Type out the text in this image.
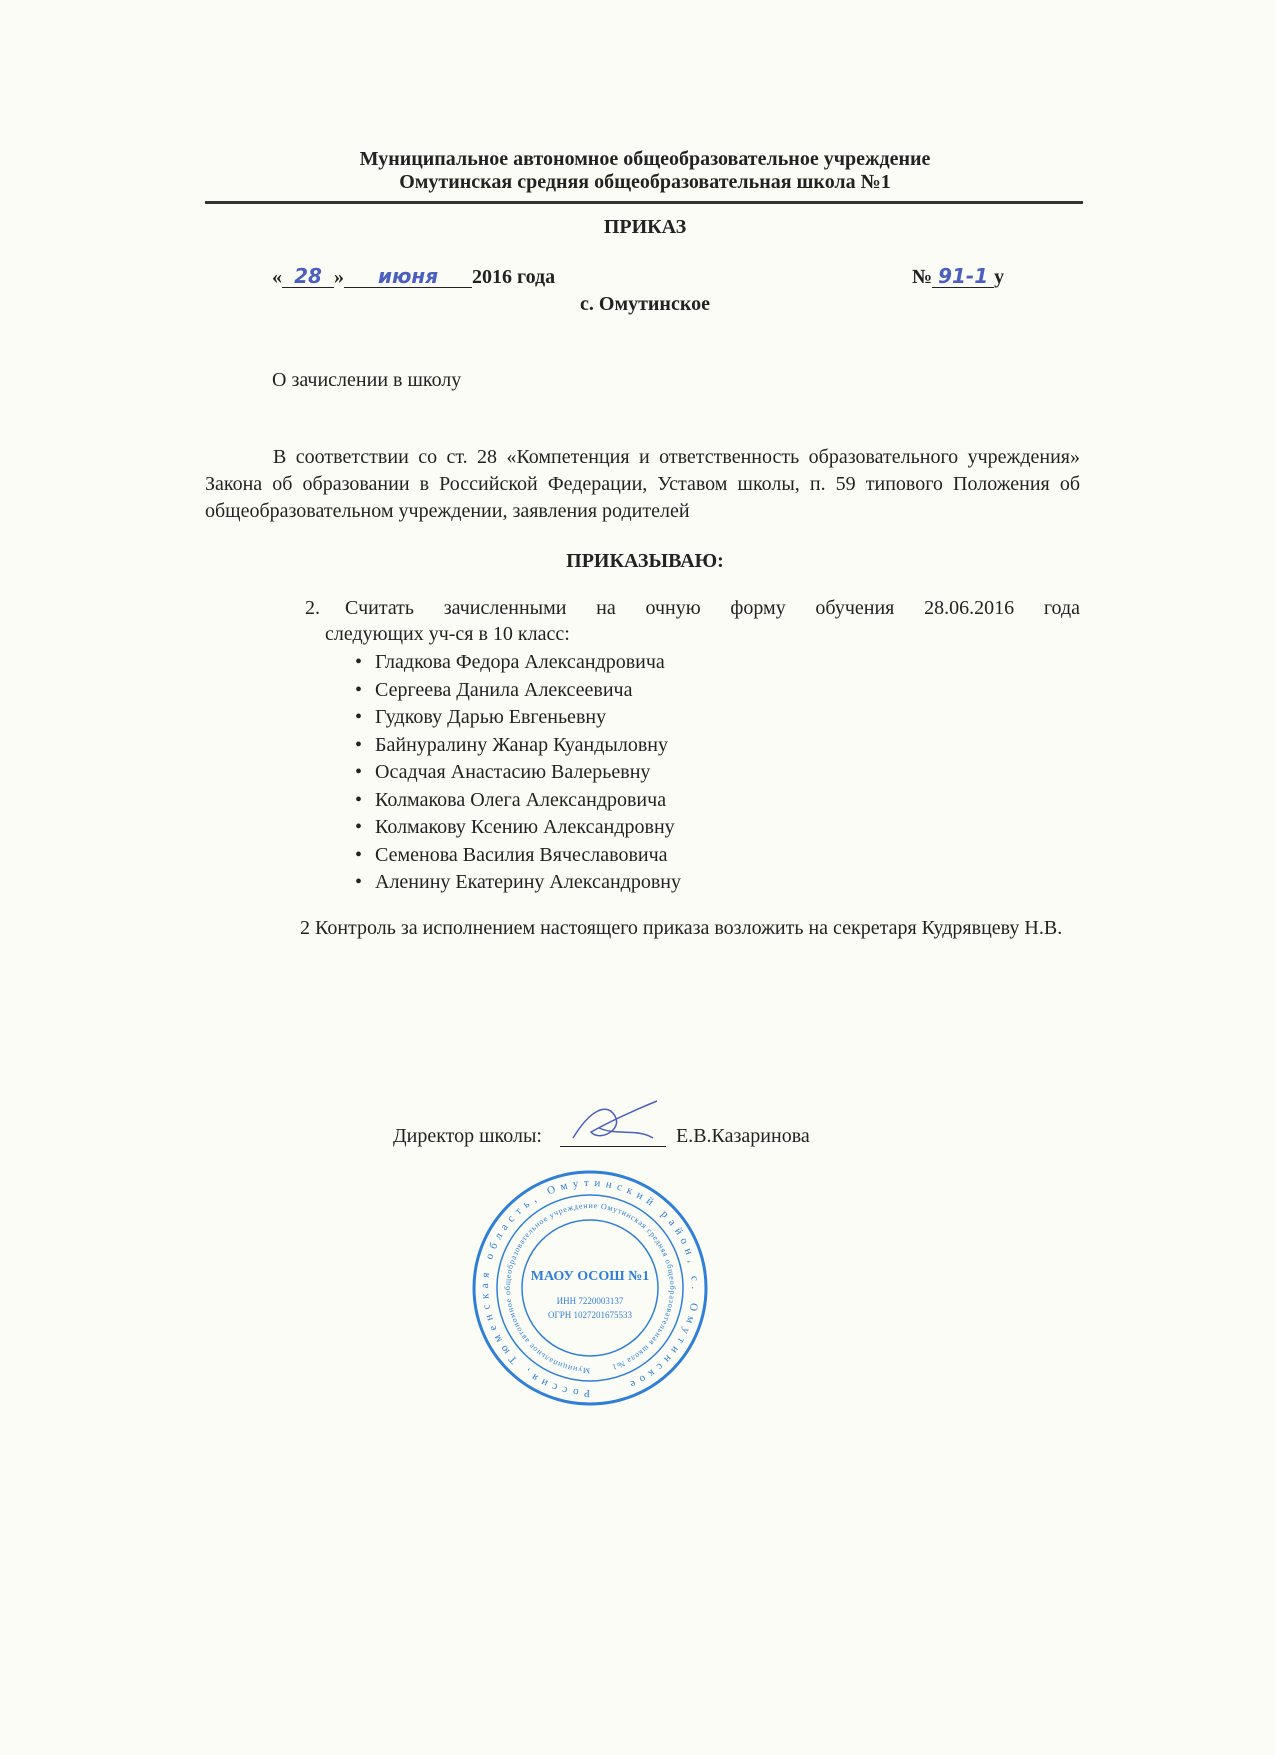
Муниципальное автономное общеобразовательное учреждение
Омутинская средняя общеобразовательная школа №1
ПРИКАЗ
« 28 » июня 2016 года	№ 91-1 у
с. Омутинское
О зачислении в школу
В соответствии со ст. 28 «Компетенция и ответственность образовательного учреждения» Закона об образовании в Российской Федерации, Уставом школы, п. 59 типового Положения об общеобразовательном учреждении, заявления родителей
ПРИКАЗЫВАЮ:
2. Считать зачисленными на очную форму обучения 28.06.2016 года
следующих уч-ся в 10 класс:
• Гладкова Федора Александровича
• Сергеева Данила Алексеевича
• Гудкову Дарью Евгеньевну
• Байнуралину Жанар Куандыловну
• Осадчая Анастасию Валерьевну
• Колмакова Олега Александровича
• Колмакову Ксению Александровну
• Семенова Василия Вячеславовича
• Аленину Екатерину Александровну
2 Контроль за исполнением настоящего приказа возложить на секретаря Кудрявцеву Н.В.
Директор школы:	Е.В.Казаринова
Россия, Тюменская область, Омутинский район, с. Омутинское
Муниципальное автономное общеобразовательное учреждение Омутинская средняя общеобразовательная школа №1
МАОУ ОСОШ №1
ИНН 7220003137
ОГРН 1027201675533
